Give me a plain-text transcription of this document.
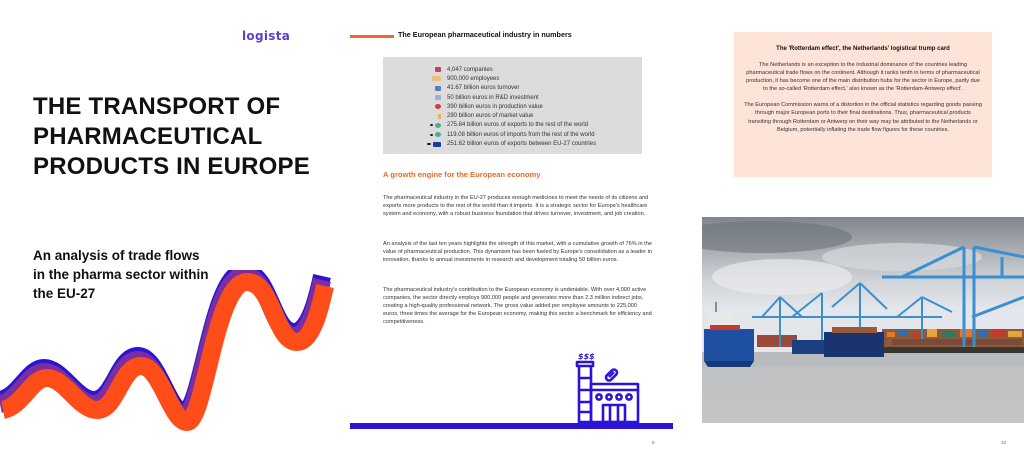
logista
THE TRANSPORT OF PHARMACEUTICAL PRODUCTS IN EUROPE
An analysis of trade flows in the pharma sector within the EU-27
The European pharmaceutical industry in numbers
4,047 companies
900,000 employees
41.67 billion euros turnover
50 billion euros in R&D investment
390 billion euros in production value
290 billion euros of market value
275.84 billion euros of exports to the rest of the world
119.08 billion euros of imports from the rest of the world
251.62 billion euros of exports between EU-27 countries
A growth engine for the European economy

The pharmaceutical industry in the EU-27 produces enough medicines to meet the needs of its citizens and exports more products to the rest of the world than it imports. It is a strategic sector for Europe's healthcare system and economy, with a robust business foundation that drives turnover, investment, and job creation.

An analysis of the last ten years highlights the strength of this market, with a cumulative growth of 76% in the value of pharmaceutical production. This dynamism has been fueled by Europe's consolidation as a leader in innovation, thanks to annual investments in research and development totaling 50 billion euros.

The pharmaceutical industry's contribution to the European economy is undeniable. With over 4,000 active companies, the sector directly employs 900,000 people and generates more than 2.3 million indirect jobs, creating a high-quality professional network. The gross value added per employee amounts to 225,000 euros, three times the average for the European economy, making this sector a benchmark for efficiency and competitiveness.

$$$
5
The 'Rotterdam effect', the Netherlands' logistical trump card

The Netherlands is an exception to the industrial dominance of the countries leading pharmaceutical trade flows on the continent. Although it ranks tenth in terms of pharmaceutical production, it has become one of the main distribution hubs for the sector in Europe, partly due to the so-called 'Rotterdam effect,' also known as the 'Rotterdam-Antwerp effect'.

The European Commission warns of a distortion in the official statistics regarding goods passing through major European ports to their final destinations. Thus, pharmaceutical products transiting through Rotterdam or Antwerp on their way may be attributed to the Netherlands or Belgium, potentially inflating the trade flow figures for these countries.

10
